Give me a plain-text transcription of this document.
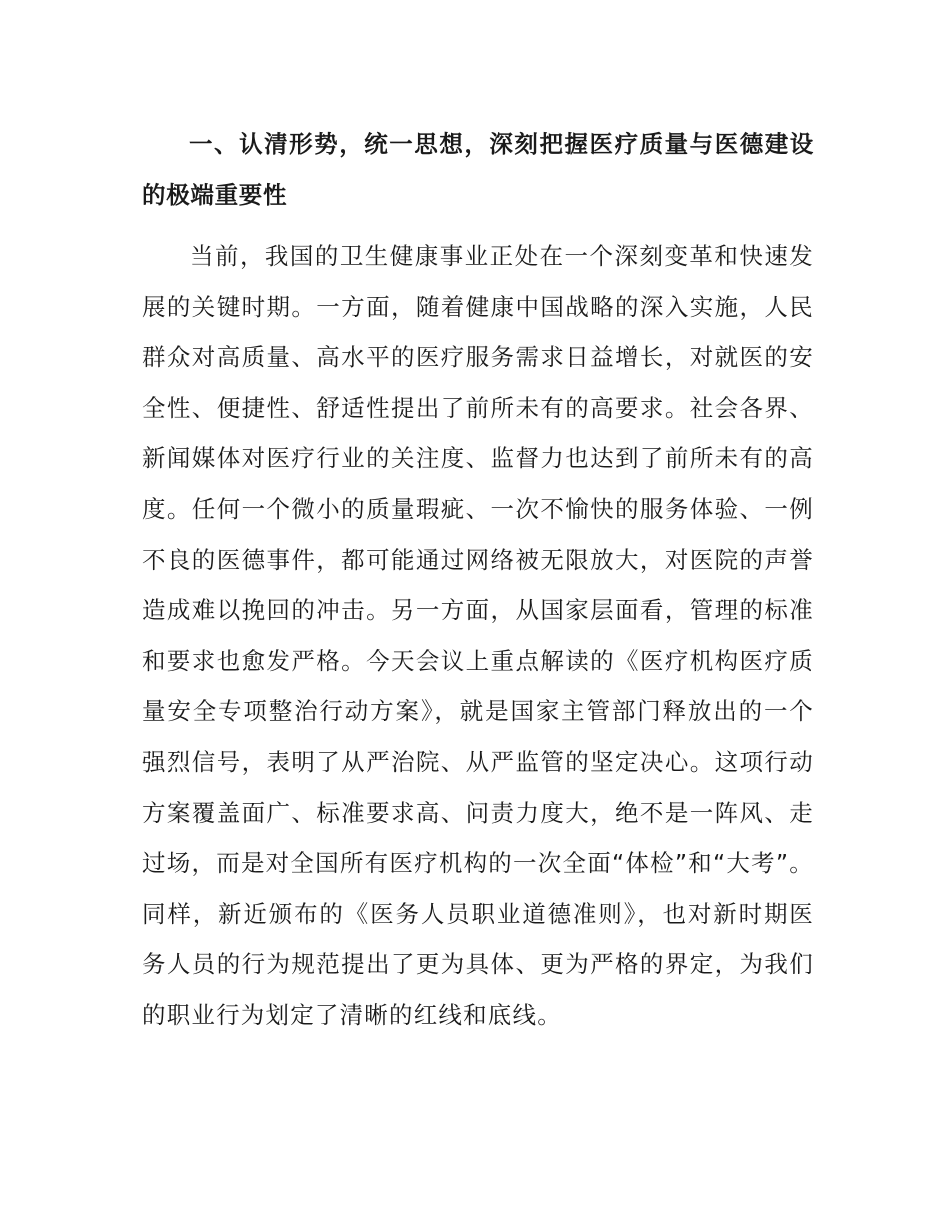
一、认清形势，统一思想，深刻把握医疗质量与医德建设的极端重要性

当前，我国的卫生健康事业正处在一个深刻变革和快速发展的关键时期。一方面，随着健康中国战略的深入实施，人民群众对高质量、高水平的医疗服务需求日益增长，对就医的安全性、便捷性、舒适性提出了前所未有的高要求。社会各界、新闻媒体对医疗行业的关注度、监督力也达到了前所未有的高度。任何一个微小的质量瑕疵、一次不愉快的服务体验、一例不良的医德事件，都可能通过网络被无限放大，对医院的声誉造成难以挽回的冲击。另一方面，从国家层面看，管理的标准和要求也愈发严格。今天会议上重点解读的《医疗机构医疗质量安全专项整治行动方案》，就是国家主管部门释放出的一个强烈信号，表明了从严治院、从严监管的坚定决心。这项行动方案覆盖面广、标准要求高、问责力度大，绝不是一阵风、走过场，而是对全国所有医疗机构的一次全面“体检”和“大考”。同样，新近颁布的《医务人员职业道德准则》，也对新时期医务人员的行为规范提出了更为具体、更为严格的界定，为我们的职业行为划定了清晰的红线和底线。
